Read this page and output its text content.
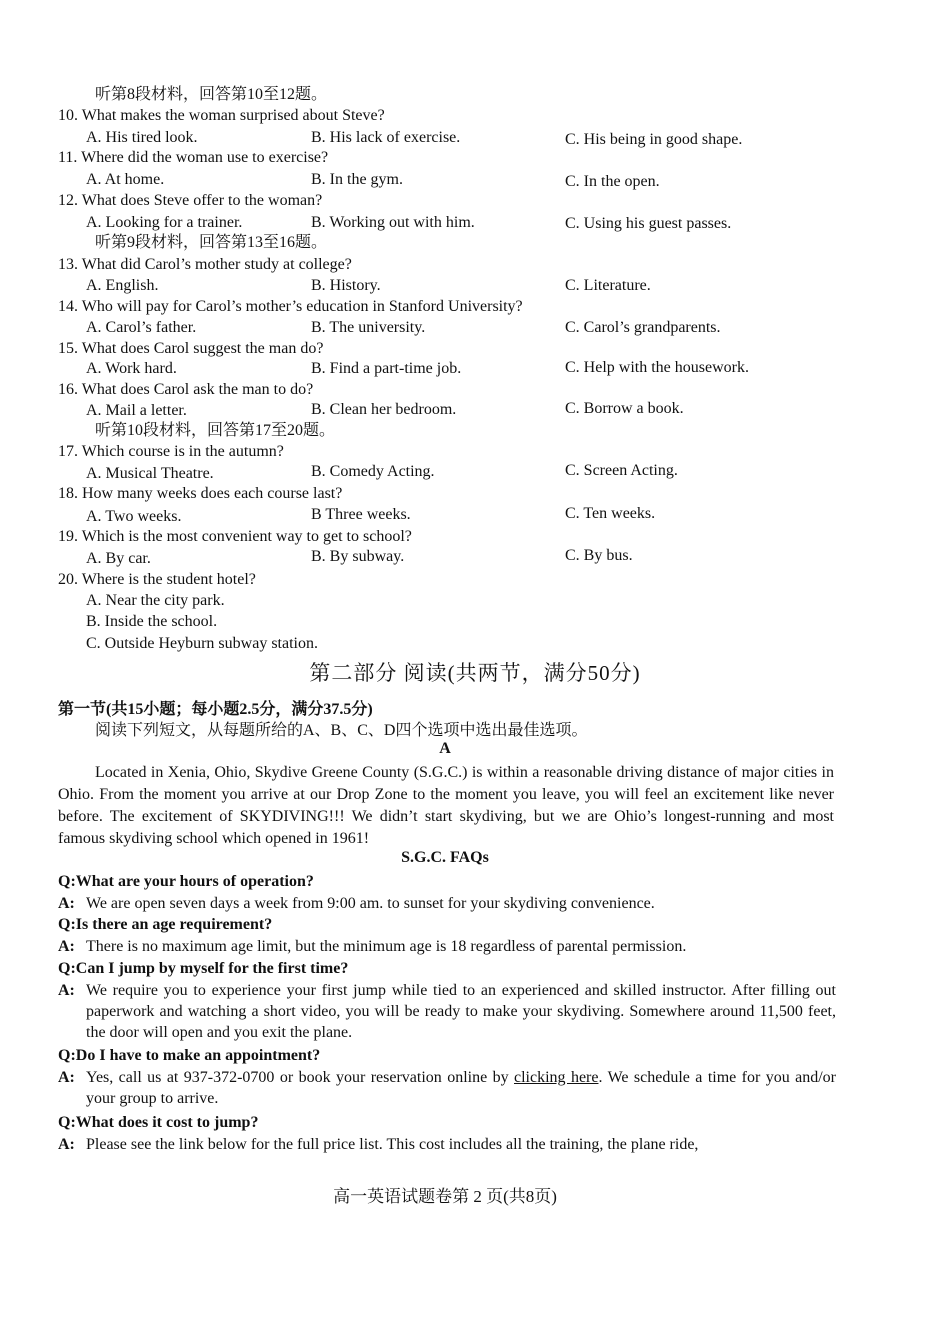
听第8段材料，回答第10至12题。
10. What makes the woman surprised about Steve?
A. His tired look.	B. His lack of exercise.	C. His being in good shape.
11. Where did the woman use to exercise?
A. At home.	B. In the gym.	C. In the open.
12. What does Steve offer to the woman?
A. Looking for a trainer.	B. Working out with him.	C. Using his guest passes.
听第9段材料，回答第13至16题。
13. What did Carol’s mother study at college?
A. English.	B. History.	C. Literature.
14. Who will pay for Carol’s mother’s education in Stanford University?
A. Carol’s father.	B. The university.	C. Carol’s grandparents.
15. What does Carol suggest the man do?
A. Work hard.	B. Find a part-time job.	C. Help with the housework.
16. What does Carol ask the man to do?
A. Mail a letter.	B. Clean her bedroom.	C. Borrow a book.
听第10段材料，回答第17至20题。
17. Which course is in the autumn?
A. Musical Theatre.	B. Comedy Acting.	C. Screen Acting.
18. How many weeks does each course last?
A. Two weeks.	B Three weeks.	C. Ten weeks.
19. Which is the most convenient way to get to school?
A. By car.	B. By subway.	C. By bus.
20. Where is the student hotel?
A. Near the city park.
B. Inside the school.
C. Outside Heyburn subway station.
第二部分 阅读(共两节，满分50分)
第一节(共15小题；每小题2.5分，满分37.5分)
阅读下列短文，从每题所给的A、B、C、D四个选项中选出最佳选项。
A

Located in Xenia, Ohio, Skydive Greene County (S.G.C.) is within a reasonable driving distance of major cities in Ohio. From the moment you arrive at our Drop Zone to the moment you leave, you will feel an excitement like never before. The excitement of SKYDIVING!!! We didn’t start skydiving, but we are Ohio’s longest-running and most famous skydiving school which opened in 1961!

S.G.C. FAQs
Q:What are your hours of operation?
A: We are open seven days a week from 9:00 am. to sunset for your skydiving convenience.
Q:Is there an age requirement?
A: There is no maximum age limit, but the minimum age is 18 regardless of parental permission.
Q:Can I jump by myself for the first time?
A: We require you to experience your first jump while tied to an experienced and skilled instructor. After filling out paperwork and watching a short video, you will be ready to make your skydiving. Somewhere around 11,500 feet, the door will open and you exit the plane.
Q:Do I have to make an appointment?
A: Yes, call us at 937-372-0700 or book your reservation online by clicking here. We schedule a time for you and/or your group to arrive.
Q:What does it cost to jump?
A: Please see the link below for the full price list. This cost includes all the training, the plane ride,
高一英语试题卷第 2 页(共8页)
